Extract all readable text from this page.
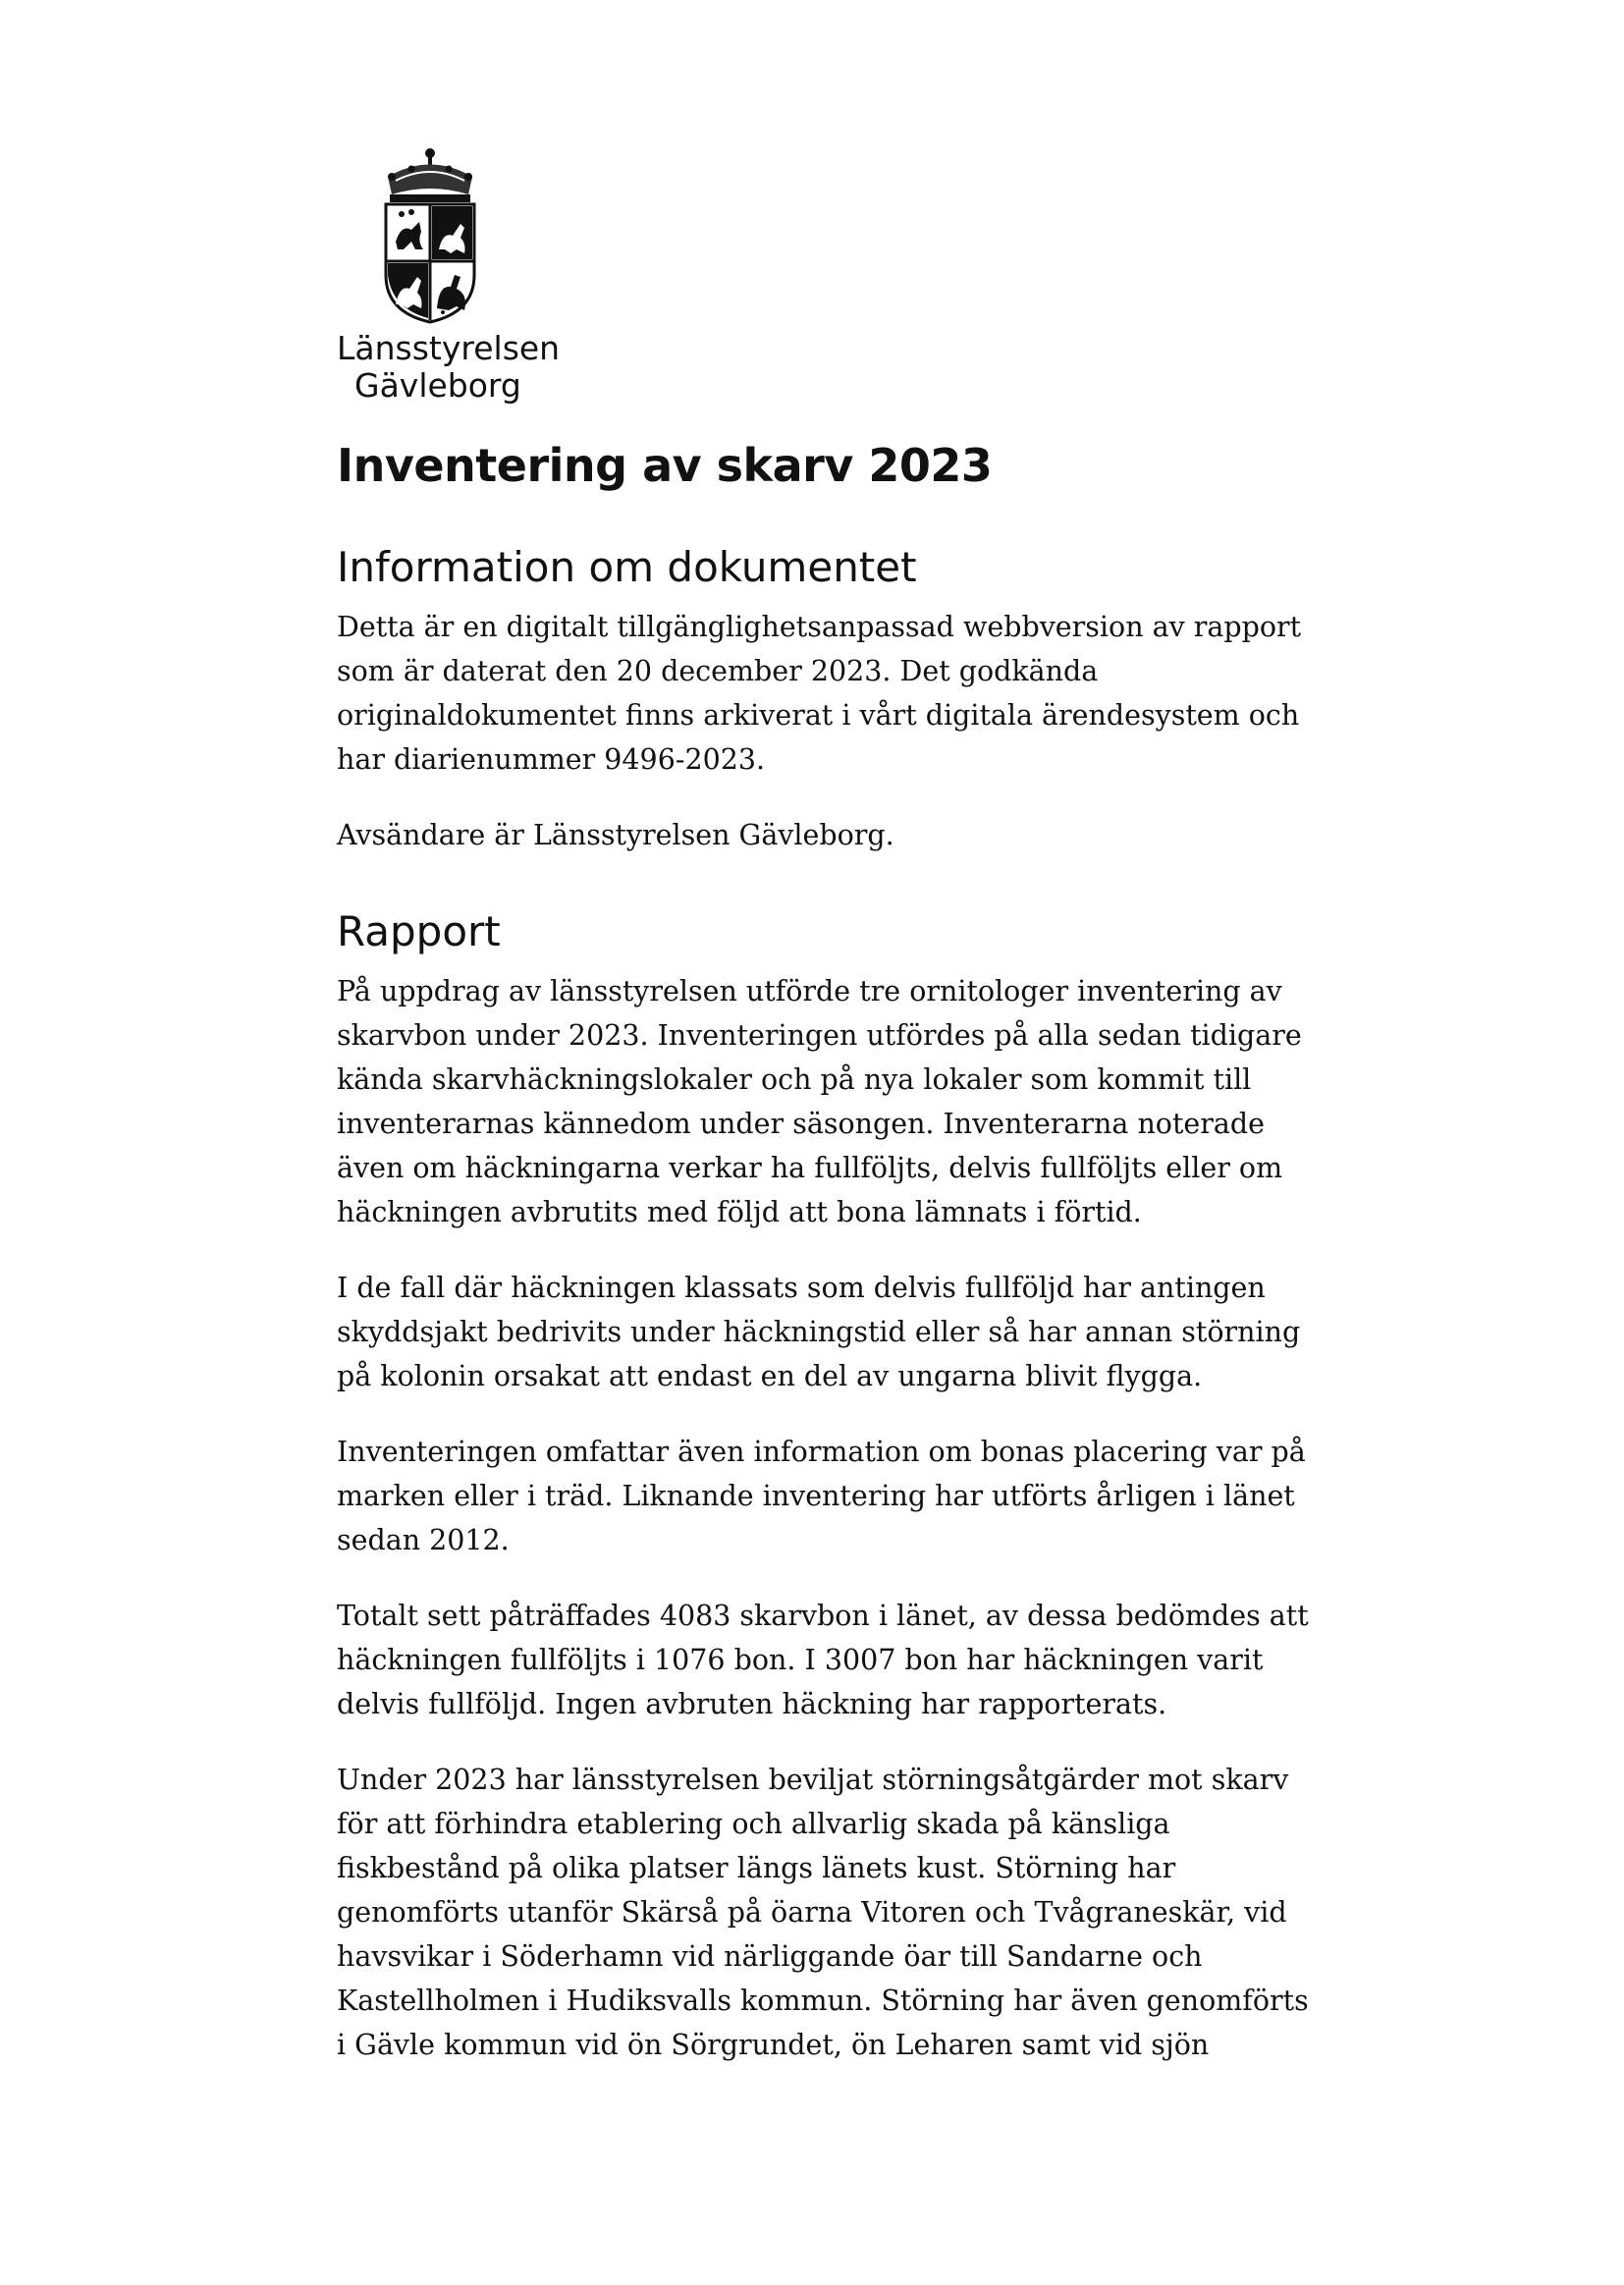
Länsstyrelsen
Gävleborg
Inventering av skarv 2023
Information om dokumentet

Detta är en digitalt tillgänglighetsanpassad webbversion av rapport som är daterat den 20 december 2023. Det godkända originaldokumentet finns arkiverat i vårt digitala ärendesystem och har diarienummer 9496-2023.

Avsändare är Länsstyrelsen Gävleborg.

Rapport

På uppdrag av länsstyrelsen utförde tre ornitologer inventering av skarvbon under 2023. Inventeringen utfördes på alla sedan tidigare kända skarvhäckningslokaler och på nya lokaler som kommit till inventerarnas kännedom under säsongen. Inventerarna noterade även om häckningarna verkar ha fullföljts, delvis fullföljts eller om häckningen avbrutits med följd att bona lämnats i förtid.

I de fall där häckningen klassats som delvis fullföljd har antingen skyddsjakt bedrivits under häckningstid eller så har annan störning på kolonin orsakat att endast en del av ungarna blivit flygga.

Inventeringen omfattar även information om bonas placering var på marken eller i träd. Liknande inventering har utförts årligen i länet sedan 2012.

Totalt sett påträffades 4083 skarvbon i länet, av dessa bedömdes att häckningen fullföljts i 1076 bon. I 3007 bon har häckningen varit delvis fullföljd. Ingen avbruten häckning har rapporterats.

Under 2023 har länsstyrelsen beviljat störningsåtgärder mot skarv för att förhindra etablering och allvarlig skada på känsliga fiskbestånd på olika platser längs länets kust. Störning har genomförts utanför Skärså på öarna Vitoren och Tvågraneskär, vid havsvikar i Söderhamn vid närliggande öar till Sandarne och Kastellholmen i Hudiksvalls kommun. Störning har även genomförts i Gävle kommun vid ön Sörgrundet, ön Leharen samt vid sjön
